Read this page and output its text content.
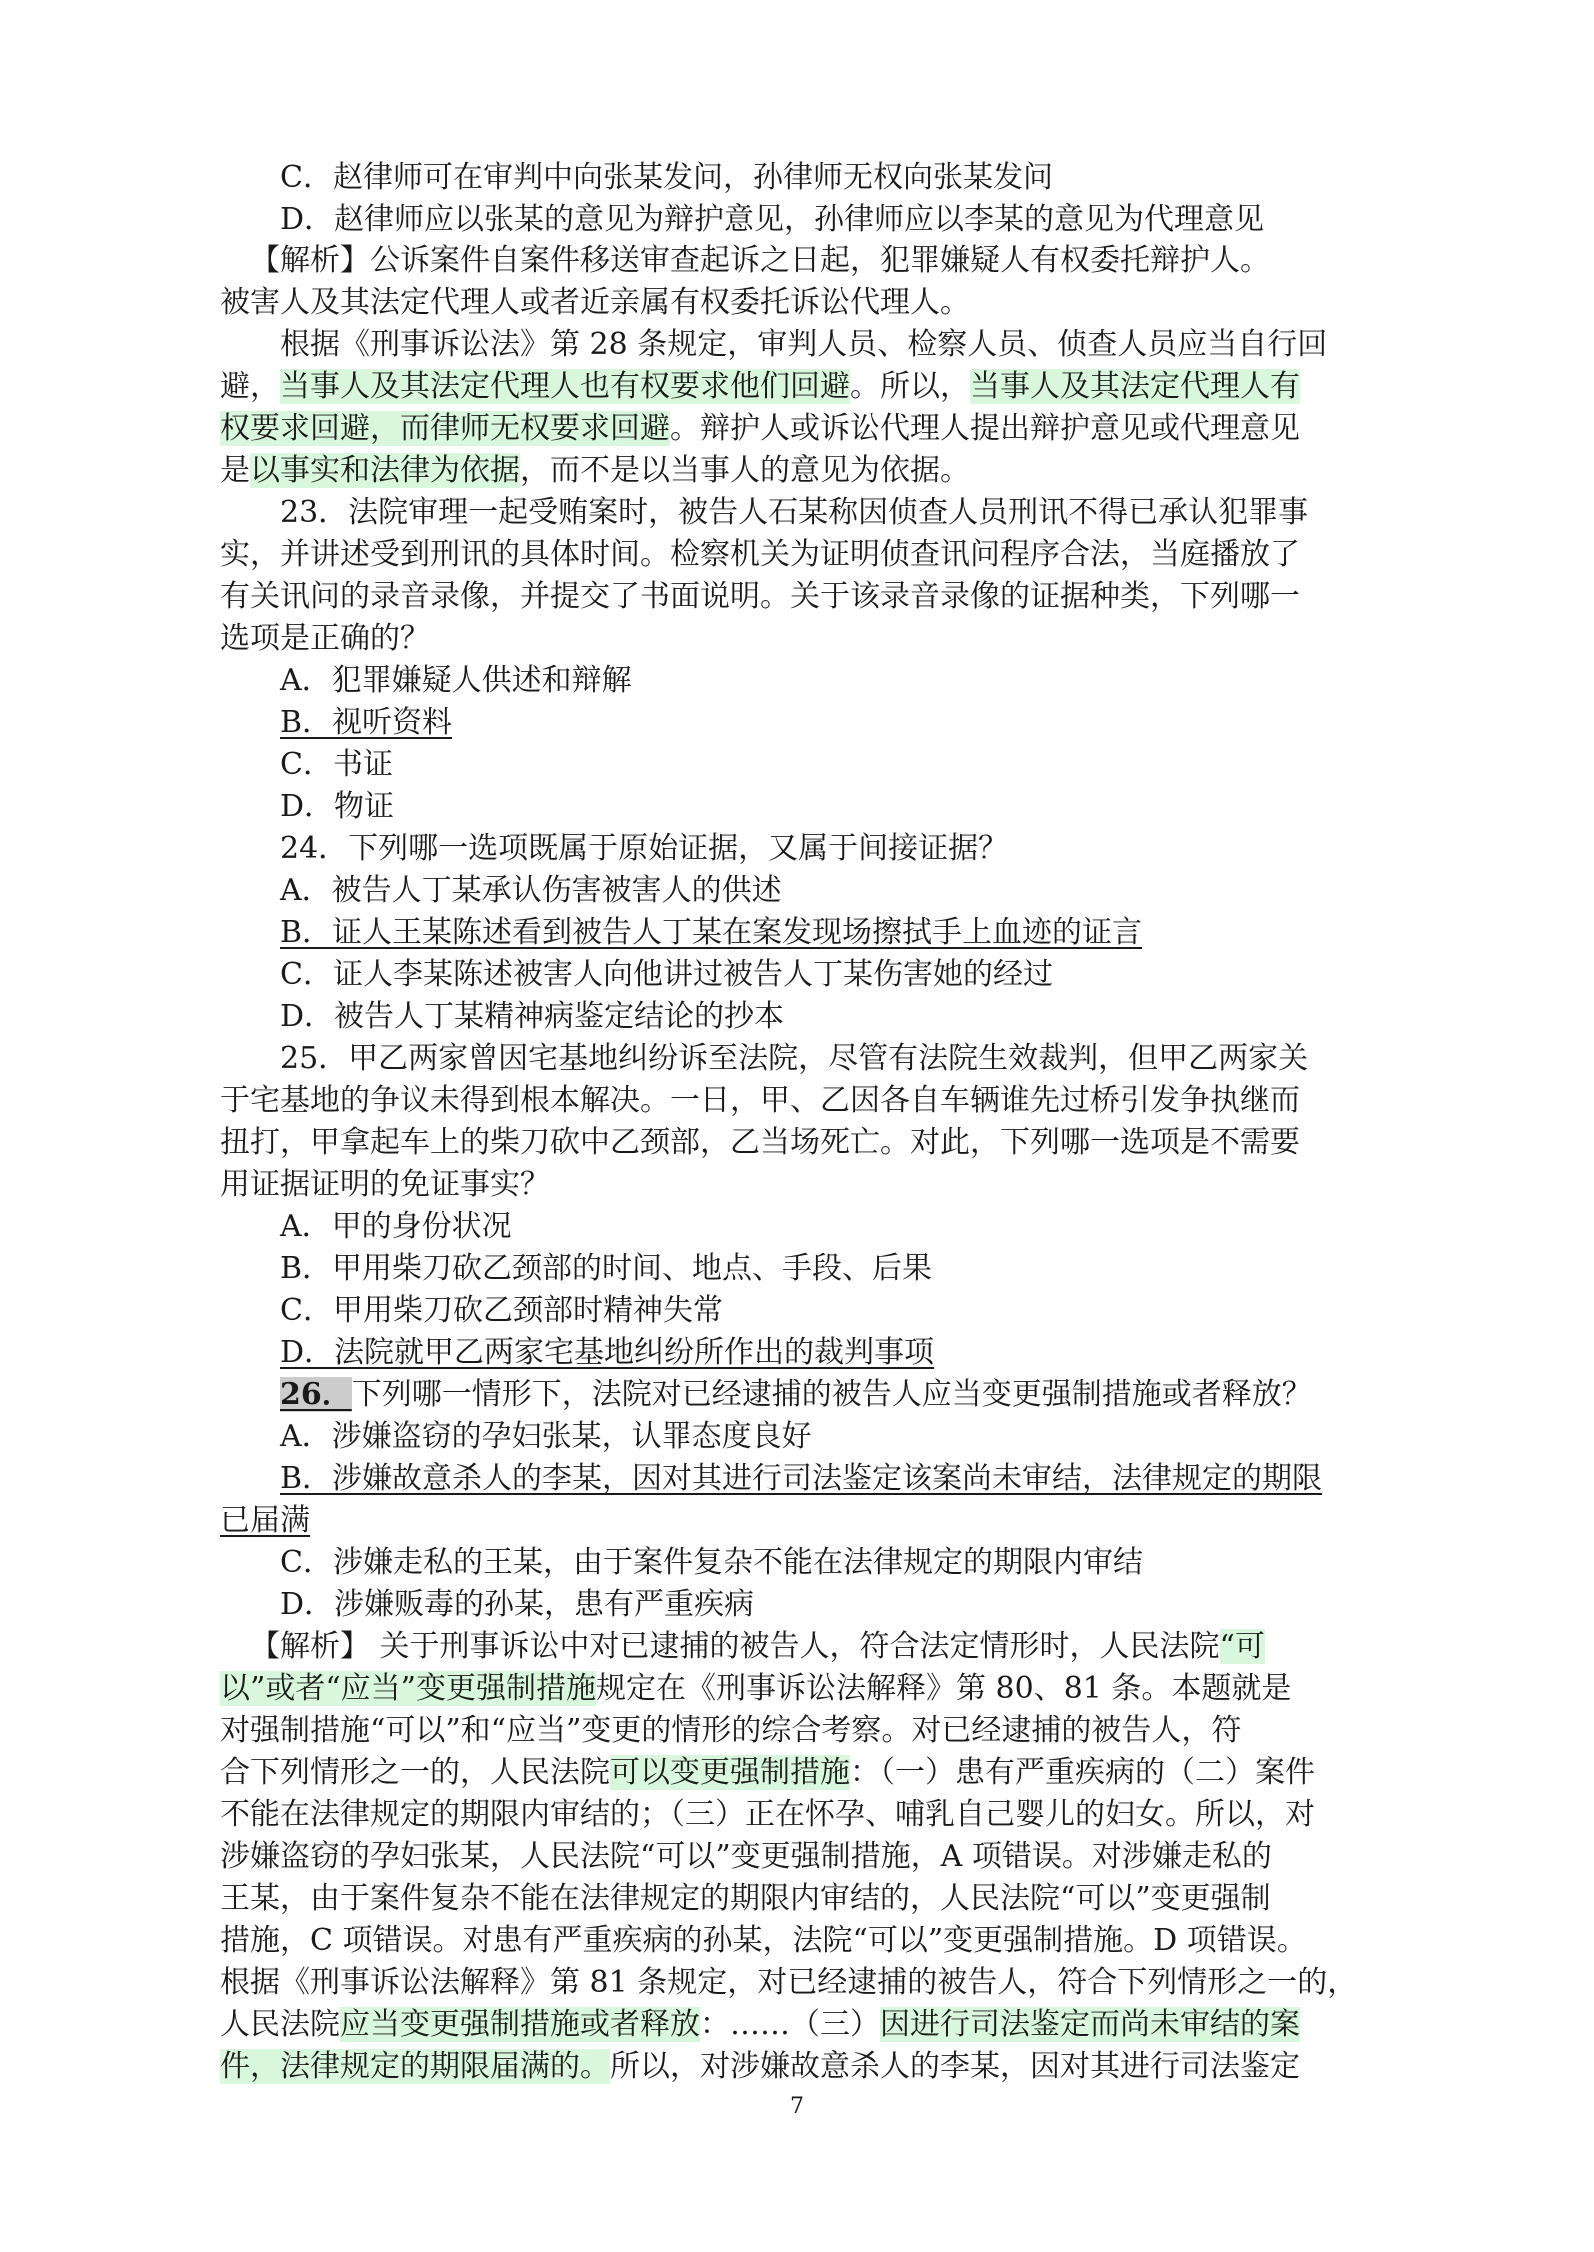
C．赵律师可在审判中向张某发问，孙律师无权向张某发问
D．赵律师应以张某的意见为辩护意见，孙律师应以李某的意见为代理意见
【解析】公诉案件自案件移送审查起诉之日起，犯罪嫌疑人有权委托辩护人。
被害人及其法定代理人或者近亲属有权委托诉讼代理人。
根据《刑事诉讼法》第 28 条规定，审判人员、检察人员、侦查人员应当自行回
避，当事人及其法定代理人也有权要求他们回避。所以，当事人及其法定代理人有
权要求回避，而律师无权要求回避。辩护人或诉讼代理人提出辩护意见或代理意见
是以事实和法律为依据，而不是以当事人的意见为依据。
23．法院审理一起受贿案时，被告人石某称因侦查人员刑讯不得已承认犯罪事
实，并讲述受到刑讯的具体时间。检察机关为证明侦查讯问程序合法，当庭播放了
有关讯问的录音录像，并提交了书面说明。关于该录音录像的证据种类，下列哪一
选项是正确的？
A．犯罪嫌疑人供述和辩解
B．视听资料
C．书证
D．物证
24．下列哪一选项既属于原始证据，又属于间接证据？
A．被告人丁某承认伤害被害人的供述
B．证人王某陈述看到被告人丁某在案发现场擦拭手上血迹的证言
C．证人李某陈述被害人向他讲过被告人丁某伤害她的经过
D．被告人丁某精神病鉴定结论的抄本
25．甲乙两家曾因宅基地纠纷诉至法院，尽管有法院生效裁判，但甲乙两家关
于宅基地的争议未得到根本解决。一日，甲、乙因各自车辆谁先过桥引发争执继而
扭打，甲拿起车上的柴刀砍中乙颈部，乙当场死亡。对此，下列哪一选项是不需要
用证据证明的免证事实？
A．甲的身份状况
B．甲用柴刀砍乙颈部的时间、地点、手段、后果
C．甲用柴刀砍乙颈部时精神失常
D．法院就甲乙两家宅基地纠纷所作出的裁判事项
26．下列哪一情形下，法院对已经逮捕的被告人应当变更强制措施或者释放？
A．涉嫌盗窃的孕妇张某，认罪态度良好
B．涉嫌故意杀人的李某，因对其进行司法鉴定该案尚未审结，法律规定的期限
已届满
C．涉嫌走私的王某，由于案件复杂不能在法律规定的期限内审结
D．涉嫌贩毒的孙某，患有严重疾病
【解析】 关于刑事诉讼中对已逮捕的被告人，符合法定情形时，人民法院“可
以”或者“应当”变更强制措施规定在《刑事诉讼法解释》第 80、81 条。本题就是
对强制措施“可以”和“应当”变更的情形的综合考察。对已经逮捕的被告人，符
合下列情形之一的，人民法院可以变更强制措施：（一）患有严重疾病的（二）案件
不能在法律规定的期限内审结的；（三）正在怀孕、哺乳自己婴儿的妇女。所以，对
涉嫌盗窃的孕妇张某，人民法院“可以”变更强制措施，A 项错误。对涉嫌走私的
王某，由于案件复杂不能在法律规定的期限内审结的，人民法院“可以”变更强制
措施，C 项错误。对患有严重疾病的孙某，法院“可以”变更强制措施。D 项错误。
根据《刑事诉讼法解释》第 81 条规定，对已经逮捕的被告人，符合下列情形之一的，
人民法院应当变更强制措施或者释放：……（三）因进行司法鉴定而尚未审结的案
件，法律规定的期限届满的。所以，对涉嫌故意杀人的李某，因对其进行司法鉴定
7
